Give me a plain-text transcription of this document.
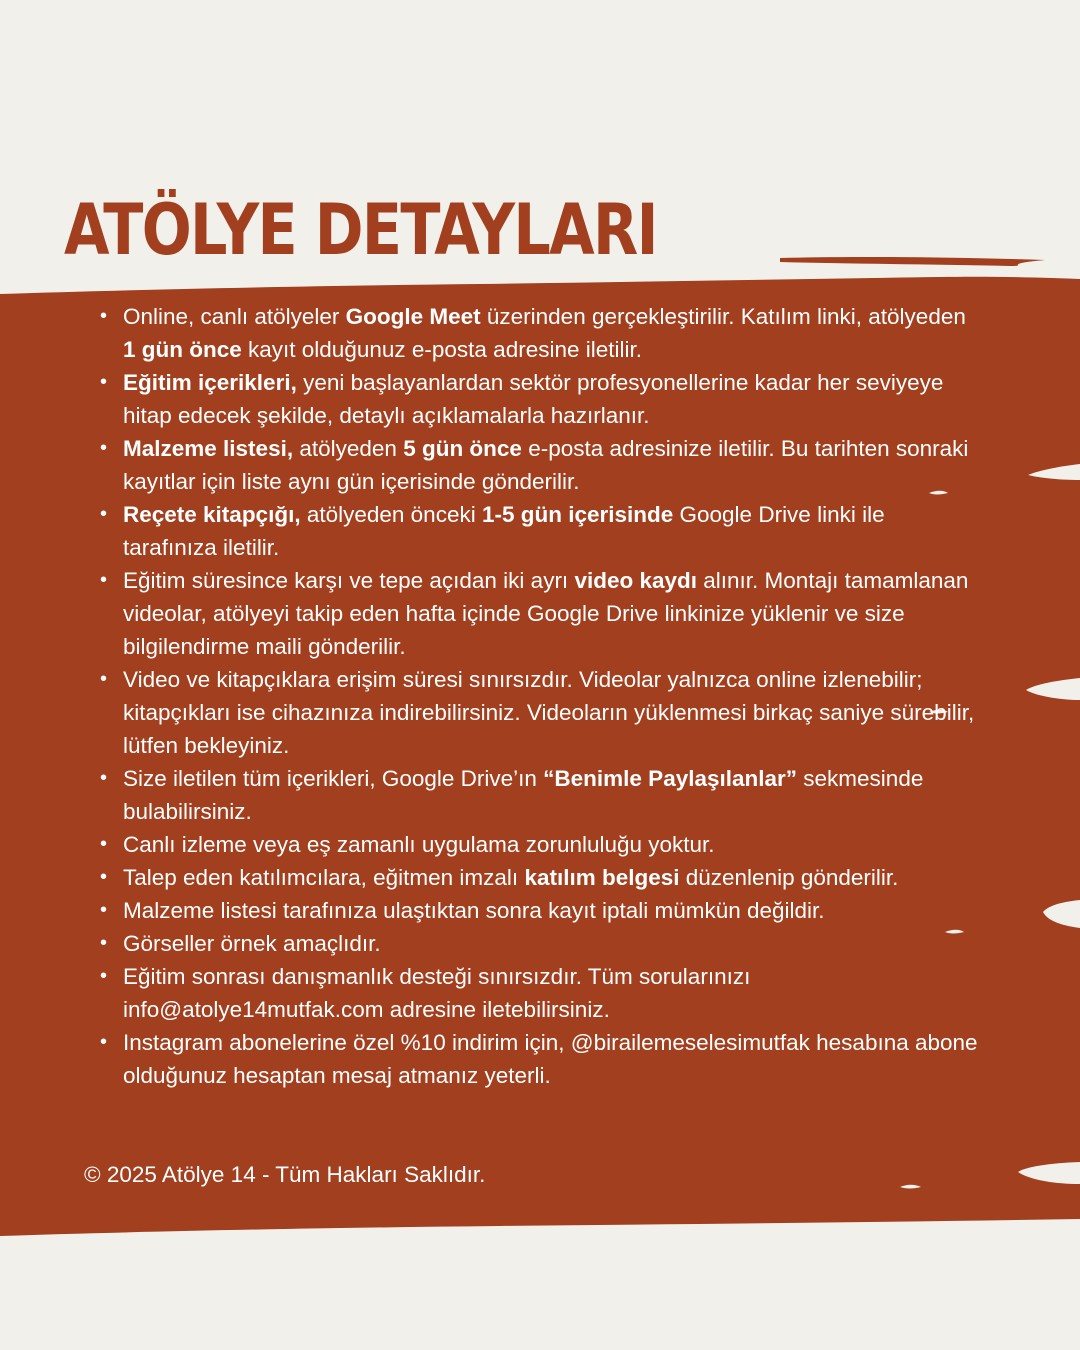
ATÖLYE DETAYLARI
• Online, canlı atölyeler Google Meet üzerinden gerçekleştirilir. Katılım linki, atölyeden 1 gün önce kayıt olduğunuz e-posta adresine iletilir.
• Eğitim içerikleri, yeni başlayanlardan sektör profesyonellerine kadar her seviyeye hitap edecek şekilde, detaylı açıklamalarla hazırlanır.
• Malzeme listesi, atölyeden 5 gün önce e-posta adresinize iletilir. Bu tarihten sonraki kayıtlar için liste aynı gün içerisinde gönderilir.
• Reçete kitapçığı, atölyeden önceki 1-5 gün içerisinde Google Drive linki ile tarafınıza iletilir.
• Eğitim süresince karşı ve tepe açıdan iki ayrı video kaydı alınır. Montajı tamamlanan videolar, atölyeyi takip eden hafta içinde Google Drive linkinize yüklenir ve size bilgilendirme maili gönderilir.
• Video ve kitapçıklara erişim süresi sınırsızdır. Videolar yalnızca online izlenebilir; kitapçıkları ise cihazınıza indirebilirsiniz. Videoların yüklenmesi birkaç saniye sürebilir, lütfen bekleyiniz.
• Size iletilen tüm içerikleri, Google Drive’ın “Benimle Paylaşılanlar” sekmesinde bulabilirsiniz.
• Canlı izleme veya eş zamanlı uygulama zorunluluğu yoktur.
• Talep eden katılımcılara, eğitmen imzalı katılım belgesi düzenlenip gönderilir.
• Malzeme listesi tarafınıza ulaştıktan sonra kayıt iptali mümkün değildir.
• Görseller örnek amaçlıdır.
• Eğitim sonrası danışmanlık desteği sınırsızdır. Tüm sorularınızı info@atolye14mutfak.com adresine iletebilirsiniz.
• Instagram abonelerine özel %10 indirim için, @birailemeselesimutfak hesabına abone olduğunuz hesaptan mesaj atmanız yeterli.
© 2025 Atölye 14 - Tüm Hakları Saklıdır.
